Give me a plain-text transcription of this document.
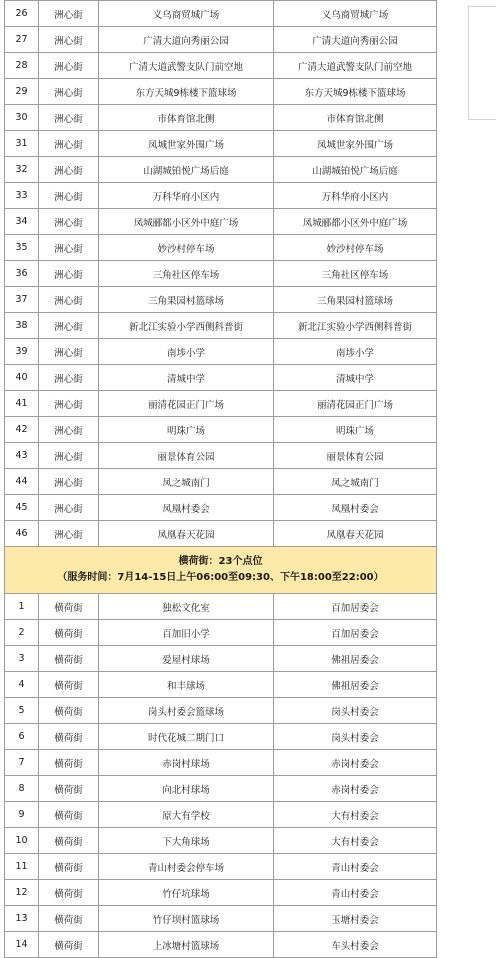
26	洲心街	义乌商贸城广场	义乌商贸城广场
27	洲心街	广清大道向秀丽公园	广清大道向秀丽公园
28	洲心街	广清大道武警支队门前空地	广清大道武警支队门前空地
29	洲心街	东方天城9栋楼下篮球场	东方天城9栋楼下篮球场
30	洲心街	市体育馆北侧	市体育馆北侧
31	洲心街	凤城世家外围广场	凤城世家外围广场
32	洲心街	山湖城铂悦广场后庭	山湖城铂悦广场后庭
33	洲心街	万科华府小区内	万科华府小区内
34	洲心街	凤城郦都小区外中庭广场	凤城郦都小区外中庭广场
35	洲心街	妙沙村停车场	妙沙村停车场
36	洲心街	三角社区停车场	三角社区停车场
37	洲心街	三角果园村篮球场	三角果园村篮球场
38	洲心街	新北江实验小学西侧科普街	新北江实验小学西侧科普街
39	洲心街	南埗小学	南埗小学
40	洲心街	清城中学	清城中学
41	洲心街	丽清花园正门广场	丽清花园正门广场
42	洲心街	明珠广场	明珠广场
43	洲心街	丽景体育公园	丽景体育公园
44	洲心街	凤之城南门	凤之城南门
45	洲心街	凤凰村委会	凤凰村委会
46	洲心街	凤凰春天花园	凤凰春天花园

横荷街：23个点位
（服务时间：7月14-15日上午06:00至09:30、下午18:00至22:00）			

1	横荷街	独松文化室	百加居委会
2	横荷街	百加旧小学	百加居委会
3	横荷街	爱屋村球场	佛祖居委会
4	横荷街	和丰球场	佛祖居委会
5	横荷街	岗头村委会篮球场	岗头村委会
6	横荷街	时代花城二期门口	岗头村委会
7	横荷街	赤岗村球场	赤岗村委会
8	横荷街	向北村球场	赤岗村委会
9	横荷街	原大有学校	大有村委会
10	横荷街	下大角球场	大有村委会
11	横荷街	青山村委会停车场	青山村委会
12	横荷街	竹仔坑球场	青山村委会
13	横荷街	竹仔坝村篮球场	玉塘村委会
14	横荷街	上冰塘村篮球场	车头村委会
